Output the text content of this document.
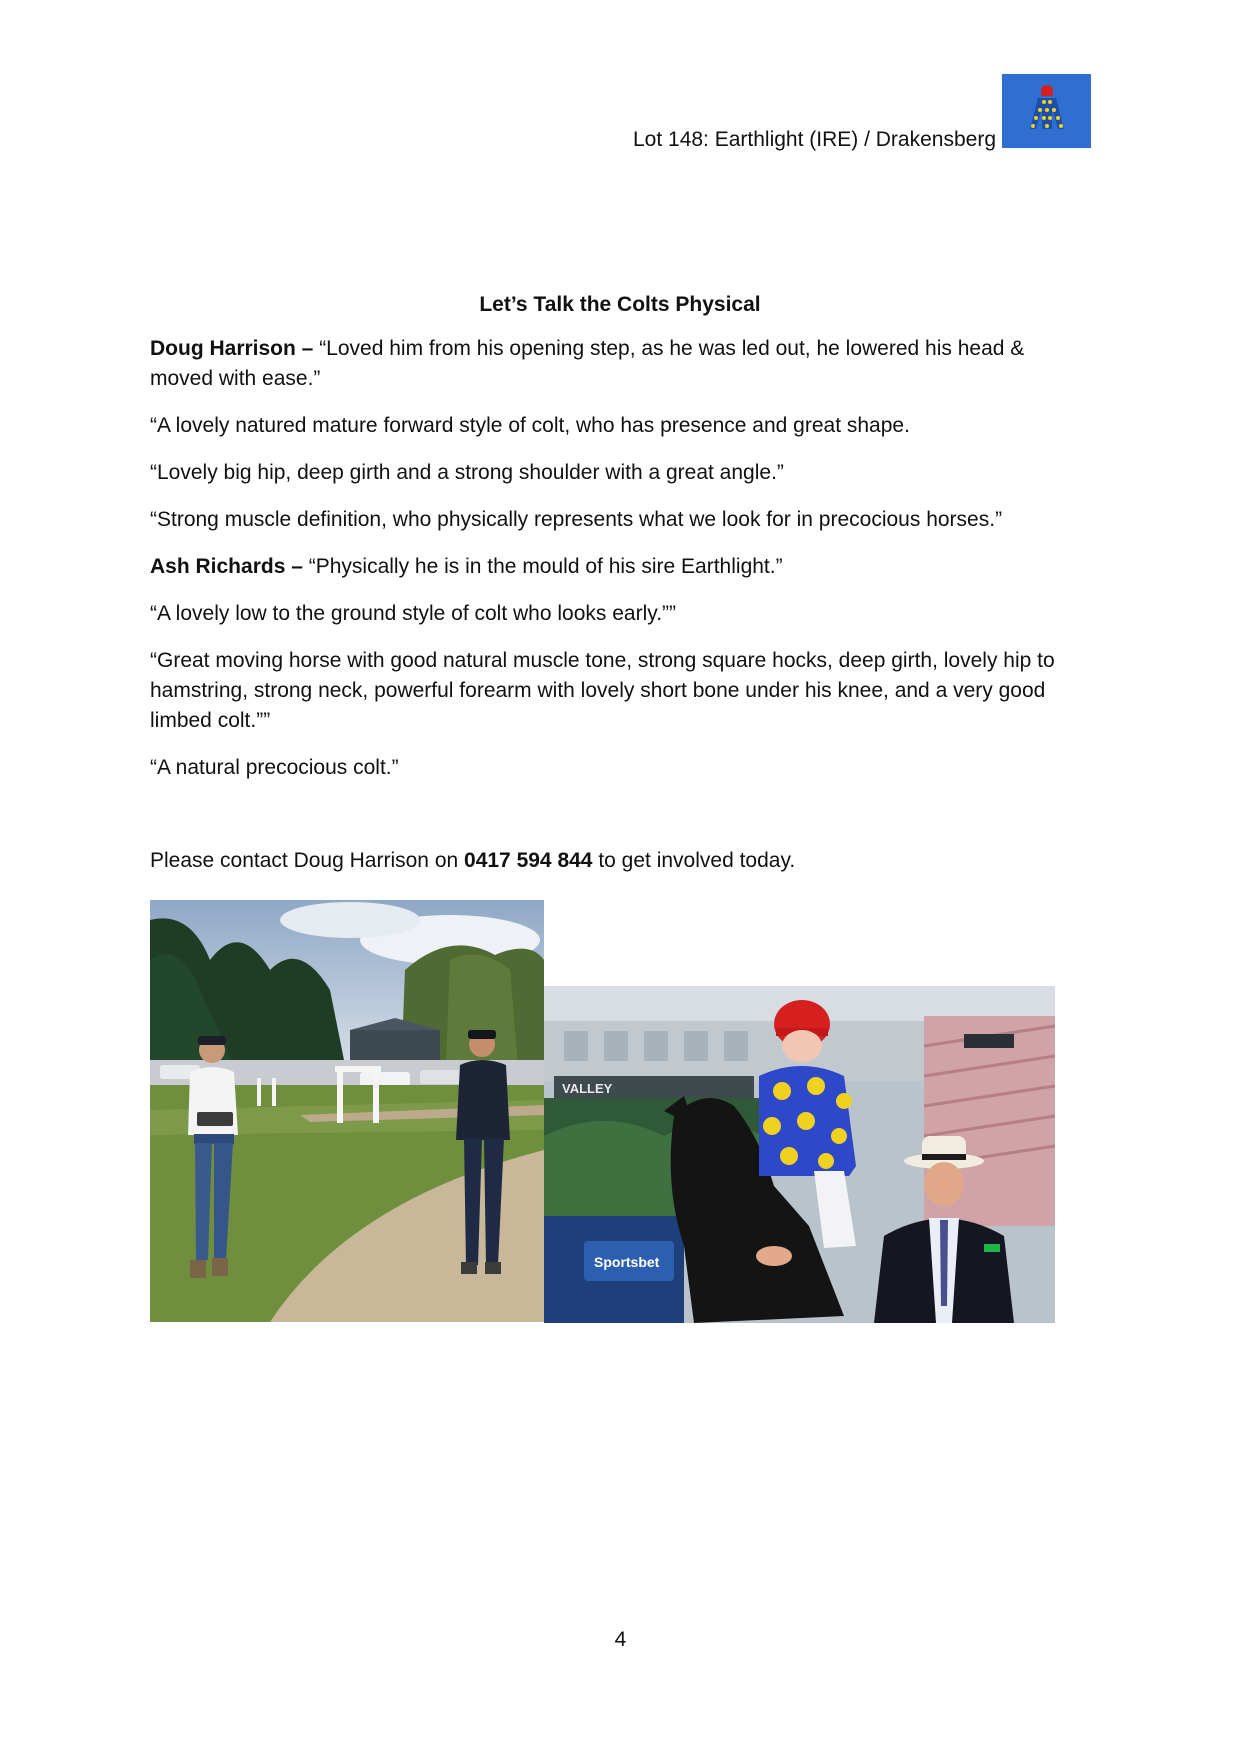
Lot 148: Earthlight (IRE) / Drakensberg

Let’s Talk the Colts Physical

Doug Harrison – “Loved him from his opening step, as he was led out, he lowered his head & moved with ease.”

“A lovely natured mature forward style of colt, who has presence and great shape.

“Lovely big hip, deep girth and a strong shoulder with a great angle.”

“Strong muscle definition, who physically represents what we look for in precocious horses.”

Ash Richards – “Physically he is in the mould of his sire Earthlight.”

“A lovely low to the ground style of colt who looks early.””

“Great moving horse with good natural muscle tone, strong square hocks, deep girth, lovely hip to hamstring, strong neck, powerful forearm with lovely short bone under his knee, and a very good limbed colt.””

“A natural precocious colt.”

Please contact Doug Harrison on 0417 594 844 to get involved today.

VALLEY
Sportsbet
4
